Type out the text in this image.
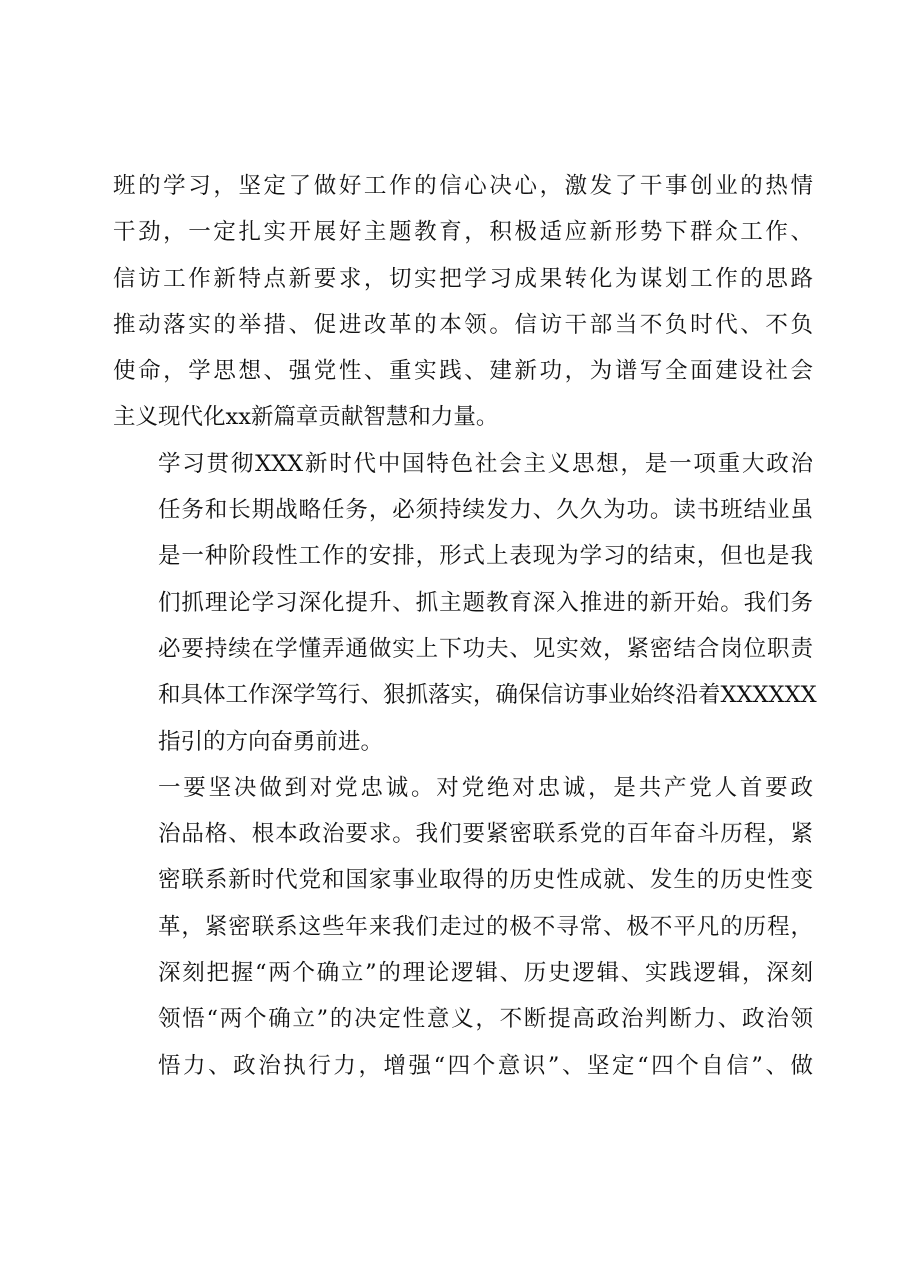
班的学习，坚定了做好工作的信心决心，激发了干事创业的热情
干劲，一定扎实开展好主题教育，积极适应新形势下群众工作、
信访工作新特点新要求，切实把学习成果转化为谋划工作的思路
推动落实的举措、促进改革的本领。信访干部当不负时代、不负
使命，学思想、强党性、重实践、建新功，为谱写全面建设社会
主义现代化xx新篇章贡献智慧和力量。
学习贯彻XXX新时代中国特色社会主义思想，是一项重大政治
任务和长期战略任务，必须持续发力、久久为功。读书班结业虽
是一种阶段性工作的安排，形式上表现为学习的结束，但也是我
们抓理论学习深化提升、抓主题教育深入推进的新开始。我们务
必要持续在学懂弄通做实上下功夫、见实效，紧密结合岗位职责
和具体工作深学笃行、狠抓落实，确保信访事业始终沿着XXXXXX
指引的方向奋勇前进。
一要坚决做到对党忠诚。对党绝对忠诚，是共产党人首要政
治品格、根本政治要求。我们要紧密联系党的百年奋斗历程，紧
密联系新时代党和国家事业取得的历史性成就、发生的历史性变
革，紧密联系这些年来我们走过的极不寻常、极不平凡的历程，
深刻把握“两个确立”的理论逻辑、历史逻辑、实践逻辑，深刻
领悟“两个确立”的决定性意义，不断提高政治判断力、政治领
悟力、政治执行力，增强“四个意识”、坚定“四个自信”、做
